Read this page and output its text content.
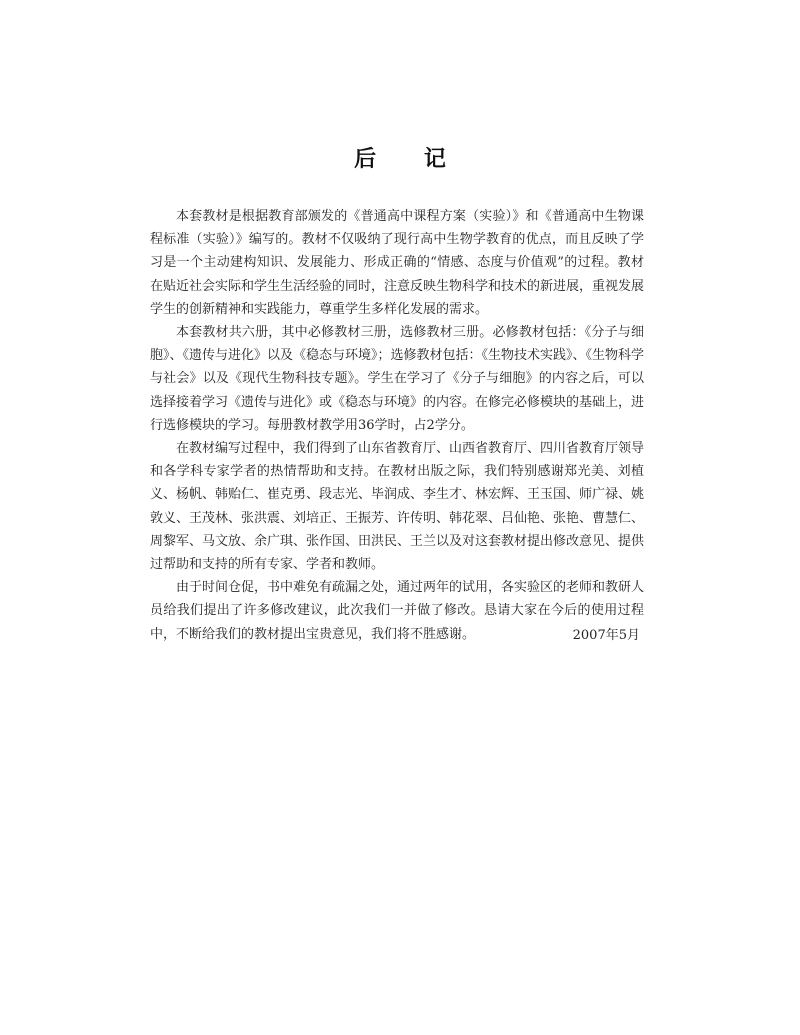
后 记

本套教材是根据教育部颁发的《普通高中课程方案（实验）》和《普通高中生物课程标准（实验）》编写的。教材不仅吸纳了现行高中生物学教育的优点，而且反映了学习是一个主动建构知识、发展能力、形成正确的“情感、态度与价值观”的过程。教材在贴近社会实际和学生生活经验的同时，注意反映生物科学和技术的新进展，重视发展学生的创新精神和实践能力，尊重学生多样化发展的需求。

本套教材共六册，其中必修教材三册，选修教材三册。必修教材包括：《分子与细胞》、《遗传与进化》以及《稳态与环境》；选修教材包括：《生物技术实践》、《生物科学与社会》以及《现代生物科技专题》。学生在学习了《分子与细胞》的内容之后，可以选择接着学习《遗传与进化》或《稳态与环境》的内容。在修完必修模块的基础上，进行选修模块的学习。每册教材教学用36学时，占2学分。

在教材编写过程中，我们得到了山东省教育厅、山西省教育厅、四川省教育厅领导和各学科专家学者的热情帮助和支持。在教材出版之际，我们特别感谢郑光美、刘植义、杨帆、韩贻仁、崔克勇、段志光、毕润成、李生才、林宏辉、王玉国、师广禄、姚敦义、王茂林、张洪震、刘培正、王振芳、许传明、韩花翠、吕仙艳、张艳、曹慧仁、周黎军、马文放、余广琪、张作国、田洪民、王兰以及对这套教材提出修改意见、提供过帮助和支持的所有专家、学者和教师。

由于时间仓促，书中难免有疏漏之处，通过两年的试用，各实验区的老师和教研人员给我们提出了许多修改建议，此次我们一并做了修改。恳请大家在今后的使用过程中，不断给我们的教材提出宝贵意见，我们将不胜感谢。	2007年5月
